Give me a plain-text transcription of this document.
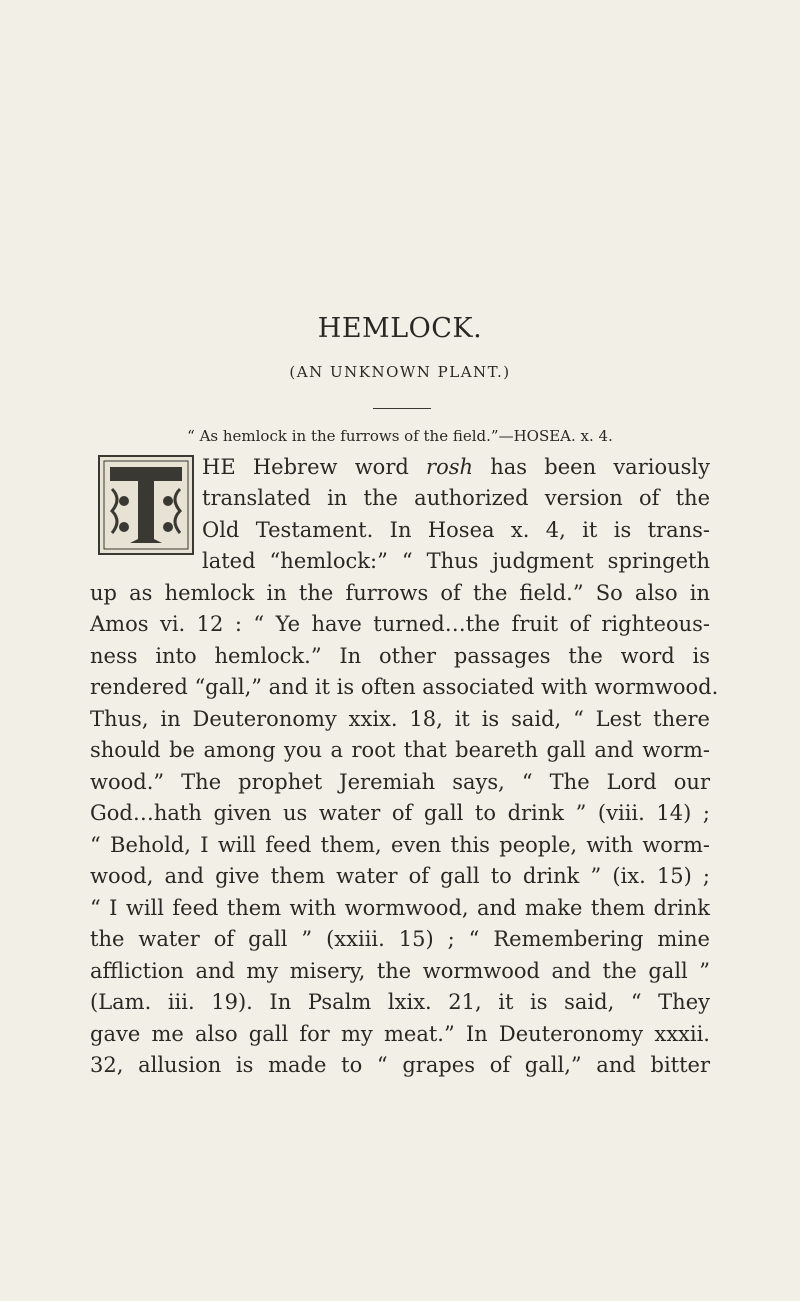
HEMLOCK.
(AN UNKNOWN PLANT.)
“ As hemlock in the furrows of the field.”—HOSEA. x. 4.
HE Hebrew word rosh has been variously
translated in the authorized version of the
Old Testament. In Hosea x. 4, it is trans-
lated “hemlock:” “ Thus judgment springeth
up as hemlock in the furrows of the field.” So also in
Amos vi. 12 : “ Ye have turned…the fruit of righteous-
ness into hemlock.” In other passages the word is
rendered “gall,” and it is often associated with wormwood.
Thus, in Deuteronomy xxix. 18, it is said, “ Lest there
should be among you a root that beareth gall and worm-
wood.” The prophet Jeremiah says, “ The Lord our
God…hath given us water of gall to drink ” (viii. 14) ;
“ Behold, I will feed them, even this people, with worm-
wood, and give them water of gall to drink ” (ix. 15) ;
“ I will feed them with wormwood, and make them drink
the water of gall ” (xxiii. 15) ; “ Remembering mine
affliction and my misery, the wormwood and the gall ”
(Lam. iii. 19). In Psalm lxix. 21, it is said, “ They
gave me also gall for my meat.” In Deuteronomy xxxii.
32, allusion is made to “ grapes of gall,” and bitter
